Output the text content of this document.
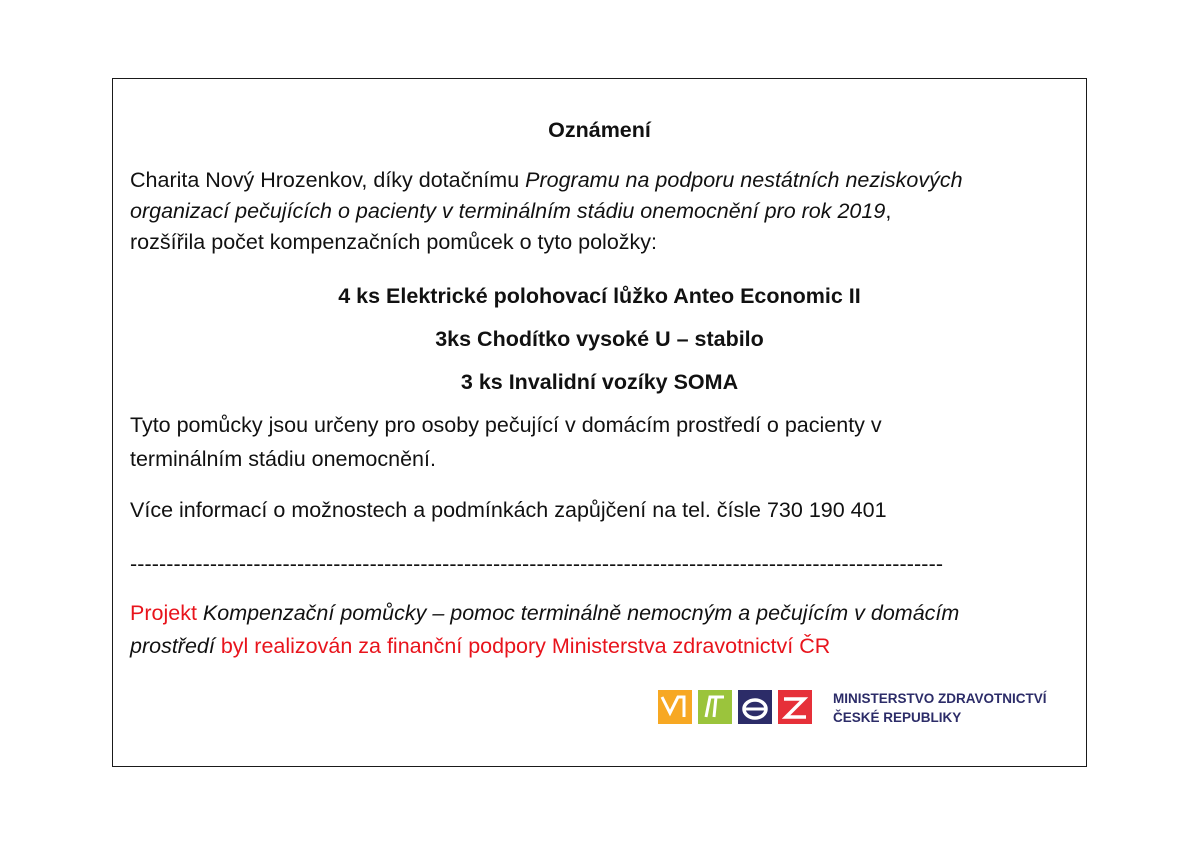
Oznámení
Charita Nový Hrozenkov, díky dotačnímu Programu na podporu nestátních neziskových
organizací pečujících o pacienty v terminálním stádiu onemocnění pro rok 2019,
rozšířila počet kompenzačních pomůcek o tyto položky:
4 ks Elektrické polohovací lůžko Anteo Economic II
3ks Chodítko vysoké U – stabilo
3 ks Invalidní vozíky SOMA
Tyto pomůcky jsou určeny pro osoby pečující v domácím prostředí o pacienty v
terminálním stádiu onemocnění.
Více informací o možnostech a podmínkách zapůjčení na tel. čísle 730 190 401
----------------------------------------------------------------------------------------------------------------
Projekt Kompenzační pomůcky – pomoc terminálně nemocným a pečujícím v domácím
prostředí byl realizován za finanční podpory Ministerstva zdravotnictví ČR
MINISTERSTVO ZDRAVOTNICTVÍ
ČESKÉ REPUBLIKY
